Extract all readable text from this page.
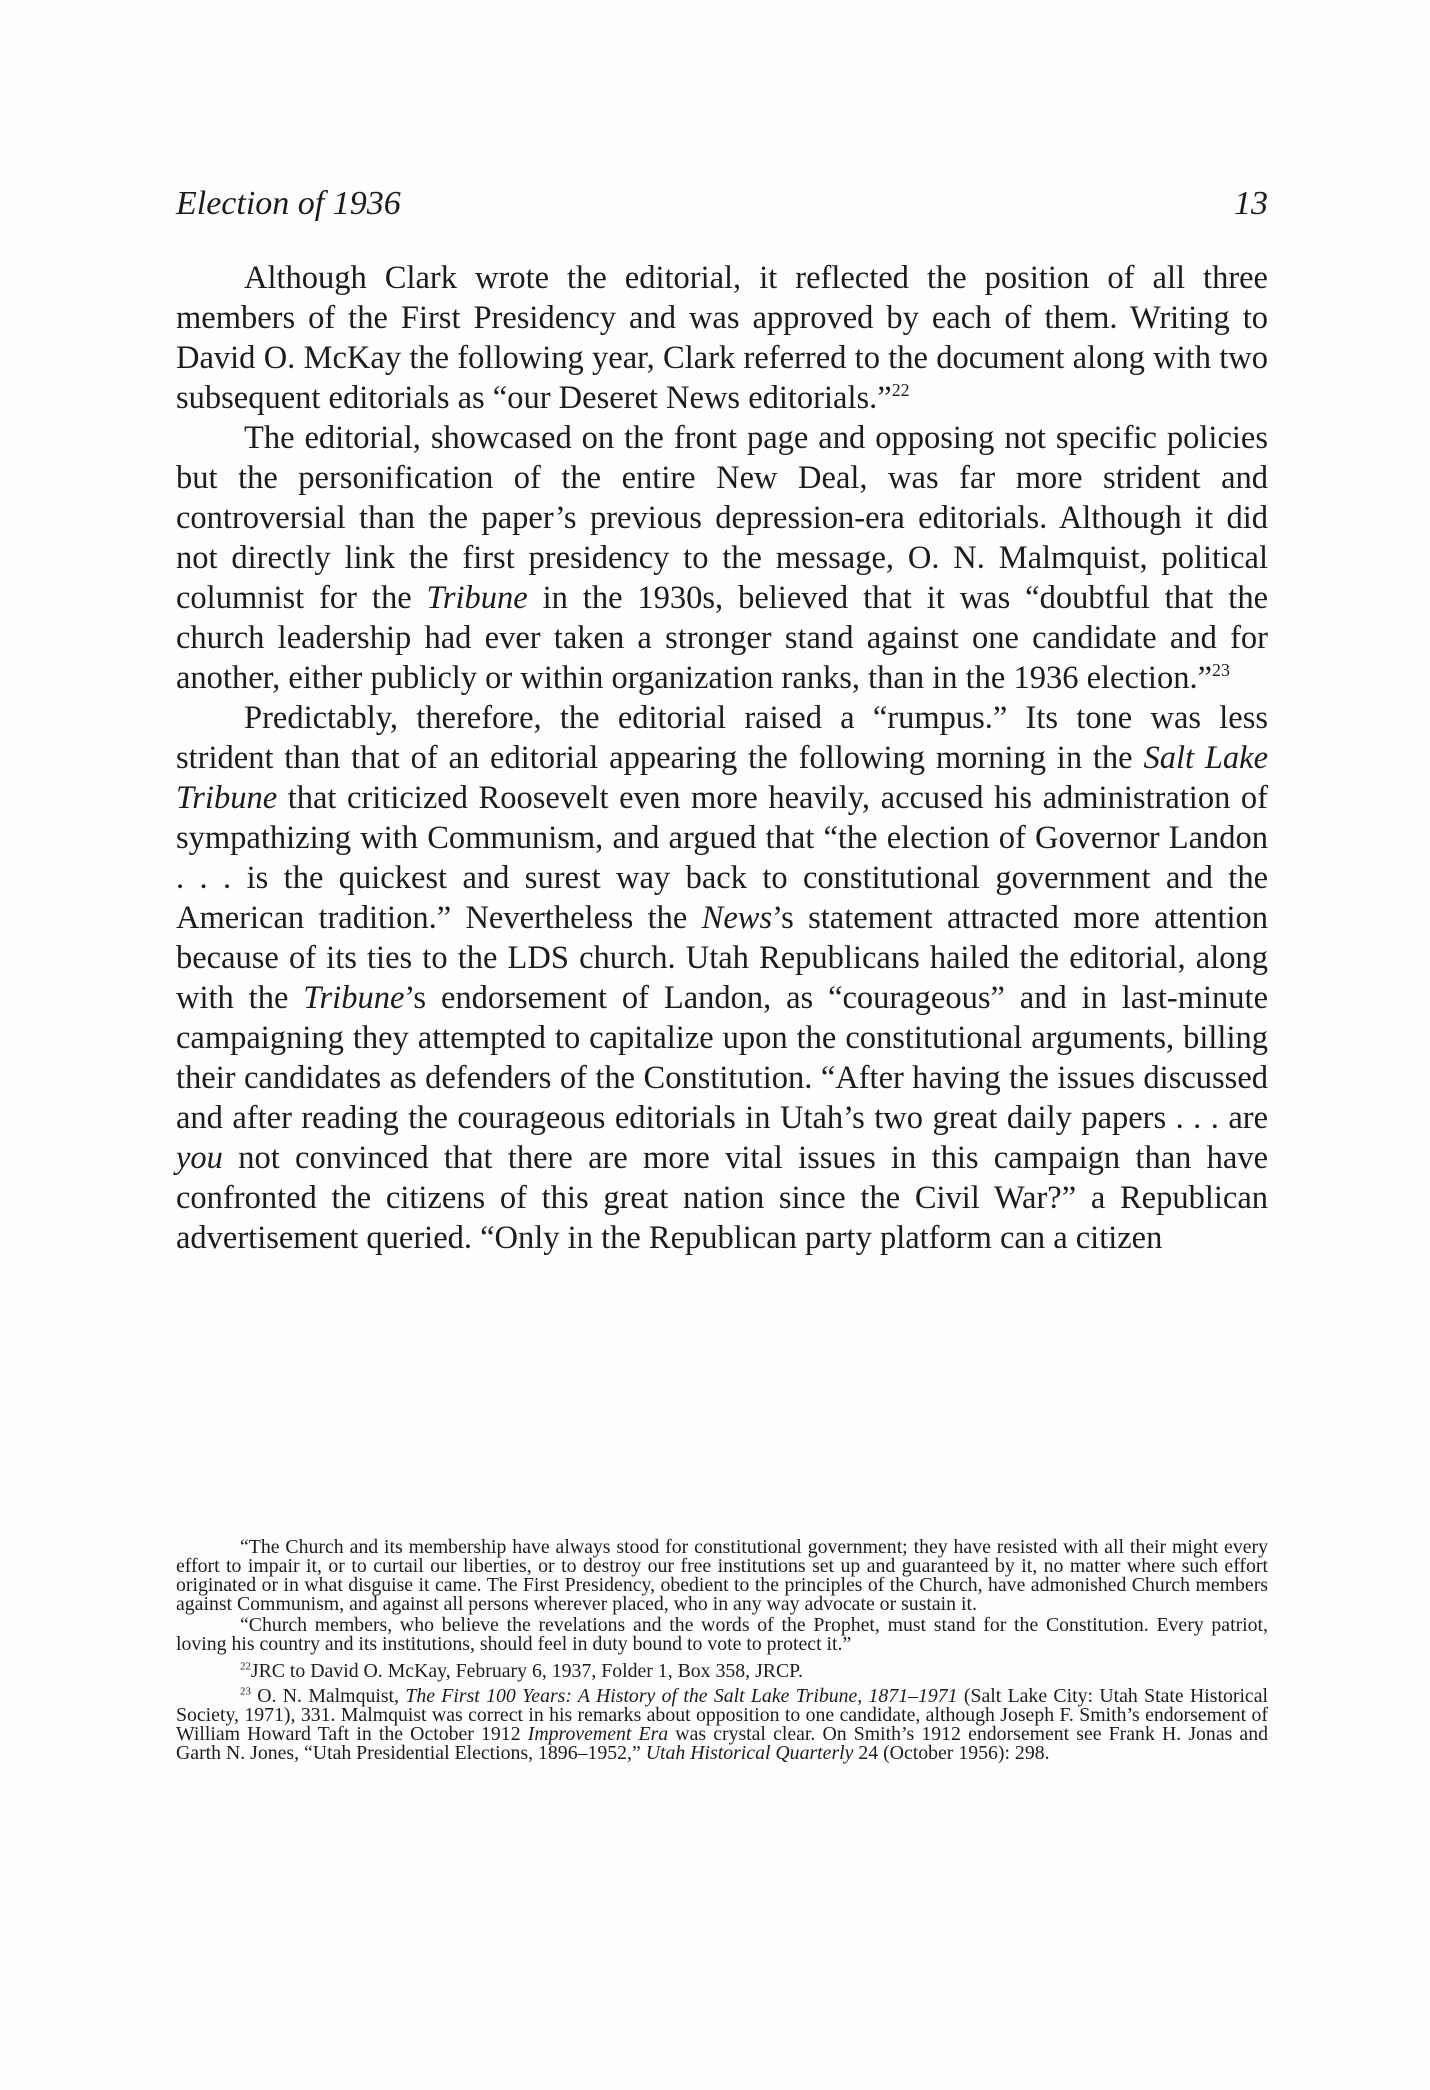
Election of 1936	13

Although Clark wrote the editorial, it reflected the position of all three members of the First Presidency and was approved by each of them. Writing to David O. McKay the following year, Clark referred to the document along with two subsequent editorials as “our Deseret News editorials.”$^{22}$

The editorial, showcased on the front page and opposing not specific policies but the personification of the entire New Deal, was far more strident and controversial than the paper’s previous depression-era editorials. Although it did not directly link the first presidency to the message, O. N. Malmquist, political columnist for the Tribune in the 1930s, believed that it was “doubtful that the church leadership had ever taken a stronger stand against one candidate and for another, either publicly or within organization ranks, than in the 1936 election.”$^{23}$

Predictably, therefore, the editorial raised a “rumpus.” Its tone was less strident than that of an editorial appearing the following morning in the Salt Lake Tribune that criticized Roosevelt even more heavily, accused his administration of sympathizing with Communism, and argued that “the election of Governor Landon . . . is the quickest and surest way back to constitutional government and the American tradition.” Nevertheless the News’s statement attracted more attention because of its ties to the LDS church. Utah Republicans hailed the editorial, along with the Tribune’s endorsement of Landon, as “courageous” and in last-minute campaigning they attempted to capitalize upon the constitutional arguments, billing their candidates as defenders of the Constitution. “After having the issues discussed and after reading the courageous editorials in Utah’s two great daily papers . . . are you not convinced that there are more vital issues in this campaign than have confronted the citizens of this great nation since the Civil War?” a Republican advertisement queried. “Only in the Republican party platform can a citizen

“The Church and its membership have always stood for constitutional government; they have resisted with all their might every effort to impair it, or to curtail our liberties, or to destroy our free institutions set up and guaranteed by it, no matter where such effort originated or in what disguise it came. The First Presidency, obedient to the principles of the Church, have admonished Church members against Communism, and against all persons wherever placed, who in any way advocate or sustain it.

“Church members, who believe the revelations and the words of the Prophet, must stand for the Constitution. Every patriot, loving his country and its institutions, should feel in duty bound to vote to protect it.”

$^{22}$JRC to David O. McKay, February 6, 1937, Folder 1, Box 358, JRCP.

$^{23}$ O. N. Malmquist, The First 100 Years: A History of the Salt Lake Tribune, 1871–1971 (Salt Lake City: Utah State Historical Society, 1971), 331. Malmquist was correct in his remarks about opposition to one candidate, although Joseph F. Smith’s endorsement of William Howard Taft in the October 1912 Improvement Era was crystal clear. On Smith’s 1912 endorsement see Frank H. Jonas and Garth N. Jones, “Utah Presidential Elections, 1896–1952,” Utah Historical Quarterly 24 (October 1956): 298.
